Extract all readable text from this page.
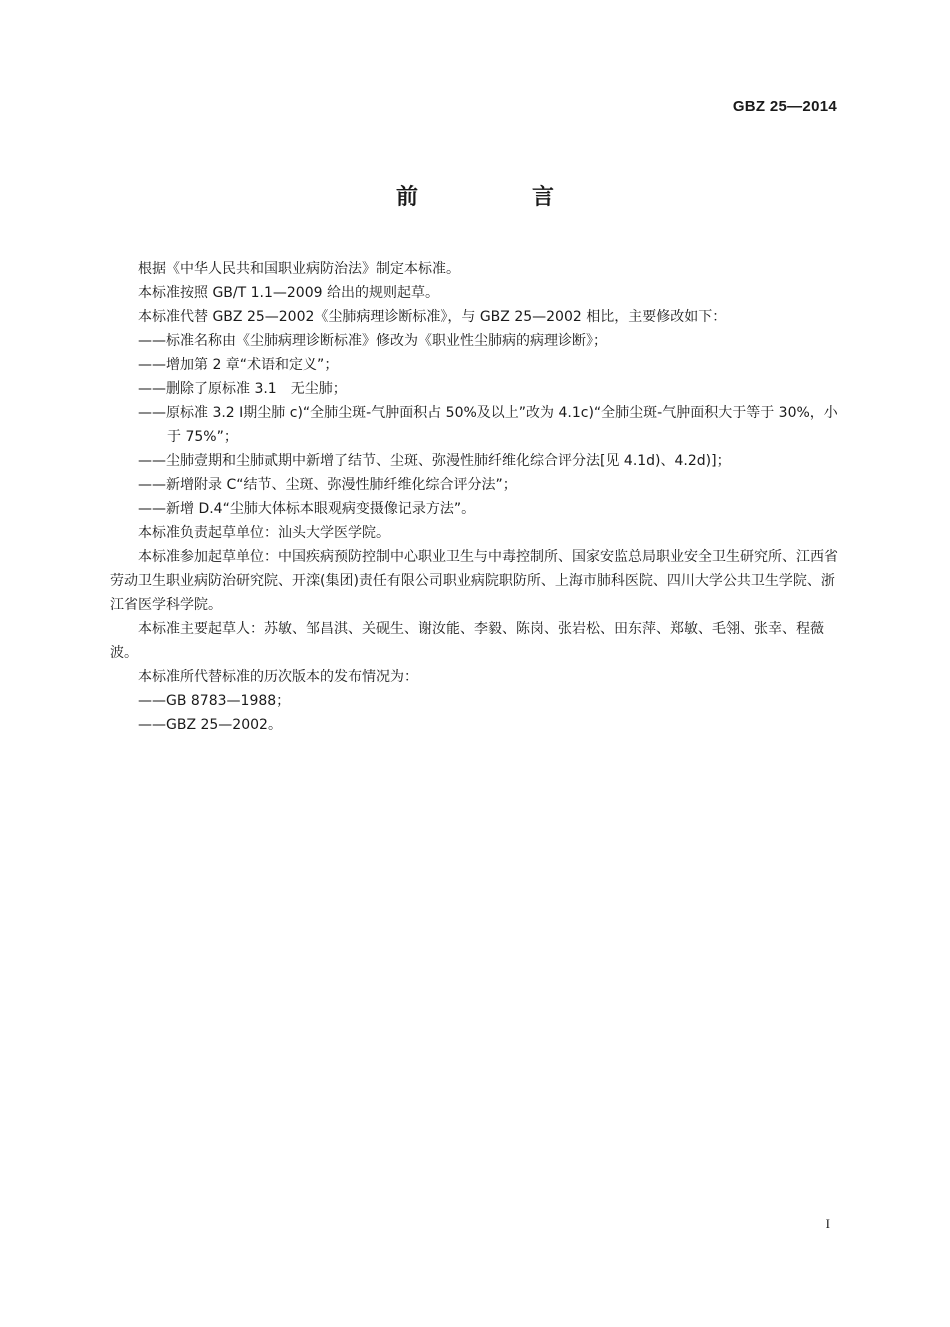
GBZ 25—2014
前　言

根据《中华人民共和国职业病防治法》制定本标准。

本标准按照 GB/T 1.1—2009 给出的规则起草。

本标准代替 GBZ 25—2002《尘肺病理诊断标准》，与 GBZ 25—2002 相比，主要修改如下：

——标准名称由《尘肺病理诊断标准》修改为《职业性尘肺病的病理诊断》；

——增加第 2 章“术语和定义”；

——删除了原标准 3.1　无尘肺；

——原标准 3.2 Ⅰ期尘肺 c)“全肺尘斑-气肿面积占 50%及以上”改为 4.1c)“全肺尘斑-气肿面积大于等于 30%，小于 75%”；

——尘肺壹期和尘肺贰期中新增了结节、尘斑、弥漫性肺纤维化综合评分法[见 4.1d)、4.2d)]；

——新增附录 C“结节、尘斑、弥漫性肺纤维化综合评分法”；

——新增 D.4“尘肺大体标本眼观病变摄像记录方法”。

本标准负责起草单位：汕头大学医学院。

本标准参加起草单位：中国疾病预防控制中心职业卫生与中毒控制所、国家安监总局职业安全卫生研究所、江西省劳动卫生职业病防治研究院、开滦(集团)责任有限公司职业病院职防所、上海市肺科医院、四川大学公共卫生学院、浙江省医学科学院。

本标准主要起草人：苏敏、邹昌淇、关砚生、谢汝能、李毅、陈岗、张岩松、田东萍、郑敏、毛翎、张幸、程薇波。

本标准所代替标准的历次版本的发布情况为：

——GB 8783—1988；

——GBZ 25—2002。

I
